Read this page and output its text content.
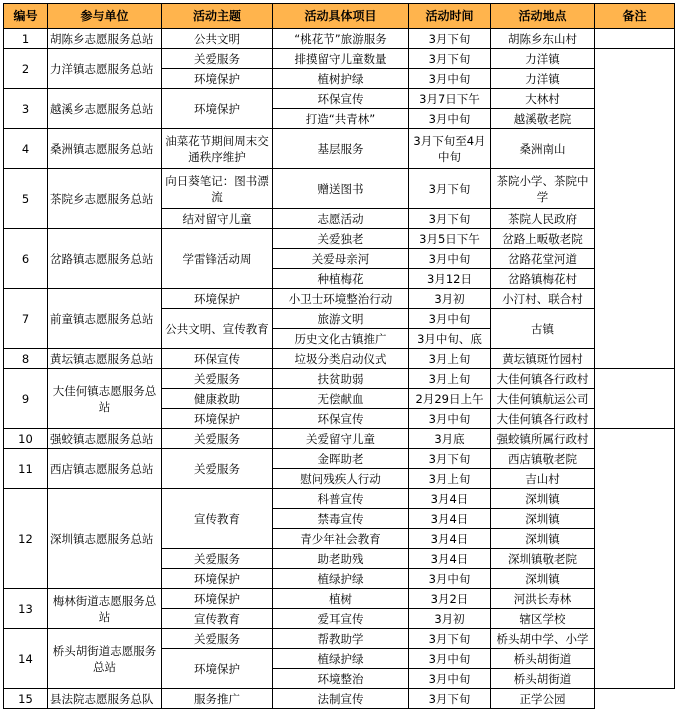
编号	参与单位	活动主题	活动具体项目	活动时间	活动地点	备注
1	胡陈乡志愿服务总站	公共文明	“桃花节”旅游服务	3月下旬	胡陈乡东山村	
2	力洋镇志愿服务总站	关爱服务	排摸留守儿童数量	3月下旬	力洋镇	
		环境保护	植树护绿	3月中旬	力洋镇	
3	越溪乡志愿服务总站	环境保护	环保宣传	3月7日下午	大林村	
			打造“共青林”	3月中旬	越溪敬老院	
4	桑洲镇志愿服务总站	油菜花节期间周末交通秩序维护	基层服务	3月下旬至4月中旬	桑洲南山	
5	茶院乡志愿服务总站	向日葵笔记：图书漂流	赠送图书	3月下旬	茶院小学、茶院中学	
		结对留守儿童	志愿活动	3月下旬	茶院人民政府	
6	岔路镇志愿服务总站	学雷锋活动周	关爱独老	3月5日下午	岔路上畈敬老院	
			关爱母亲河	3月中旬	岔路花堂河道	
			种植梅花	3月12日	岔路镇梅花村	
7	前童镇志愿服务总站	环境保护	小卫士环境整治行动	3月初	小汀村、联合村	
		公共文明、宣传教育	旅游文明	3月中旬	古镇	
			历史文化古镇推广	3月中旬、底		
8	黄坛镇志愿服务总站	环保宣传	垃圾分类启动仪式	3月上旬	黄坛镇斑竹园村	
9	大佳何镇志愿服务总站	关爱服务	扶贫助弱	3月上旬	大佳何镇各行政村	
		健康救助	无偿献血	2月29日上午	大佳何镇航运公司	
		环境保护	环保宣传	3月中旬	大佳何镇各行政村	
10	强蛟镇志愿服务总站	关爱服务	关爱留守儿童	3月底	强蛟镇所属行政村	
11	西店镇志愿服务总站	关爱服务	金晖助老	3月下旬	西店镇敬老院	
			慰问残疾人行动	3月上旬	吉山村	
12	深圳镇志愿服务总站	宣传教育	科普宣传	3月4日	深圳镇	
			禁毒宣传	3月4日	深圳镇	
			青少年社会教育	3月4日	深圳镇	
		关爱服务	助老助残	3月4日	深圳镇敬老院	
		环境保护	植绿护绿	3月中旬	深圳镇	
13	梅林街道志愿服务总站	环境保护	植树	3月2日	河洪长寿林	
		宣传教育	爱耳宣传	3月初	辖区学校	
14	桥头胡街道志愿服务总站	关爱服务	帮教助学	3月下旬	桥头胡中学、小学	
		环境保护	植绿护绿	3月中旬	桥头胡街道	
			环境整治	3月中旬	桥头胡街道	
15	县法院志愿服务总队	服务推广	法制宣传	3月下旬	正学公园	
